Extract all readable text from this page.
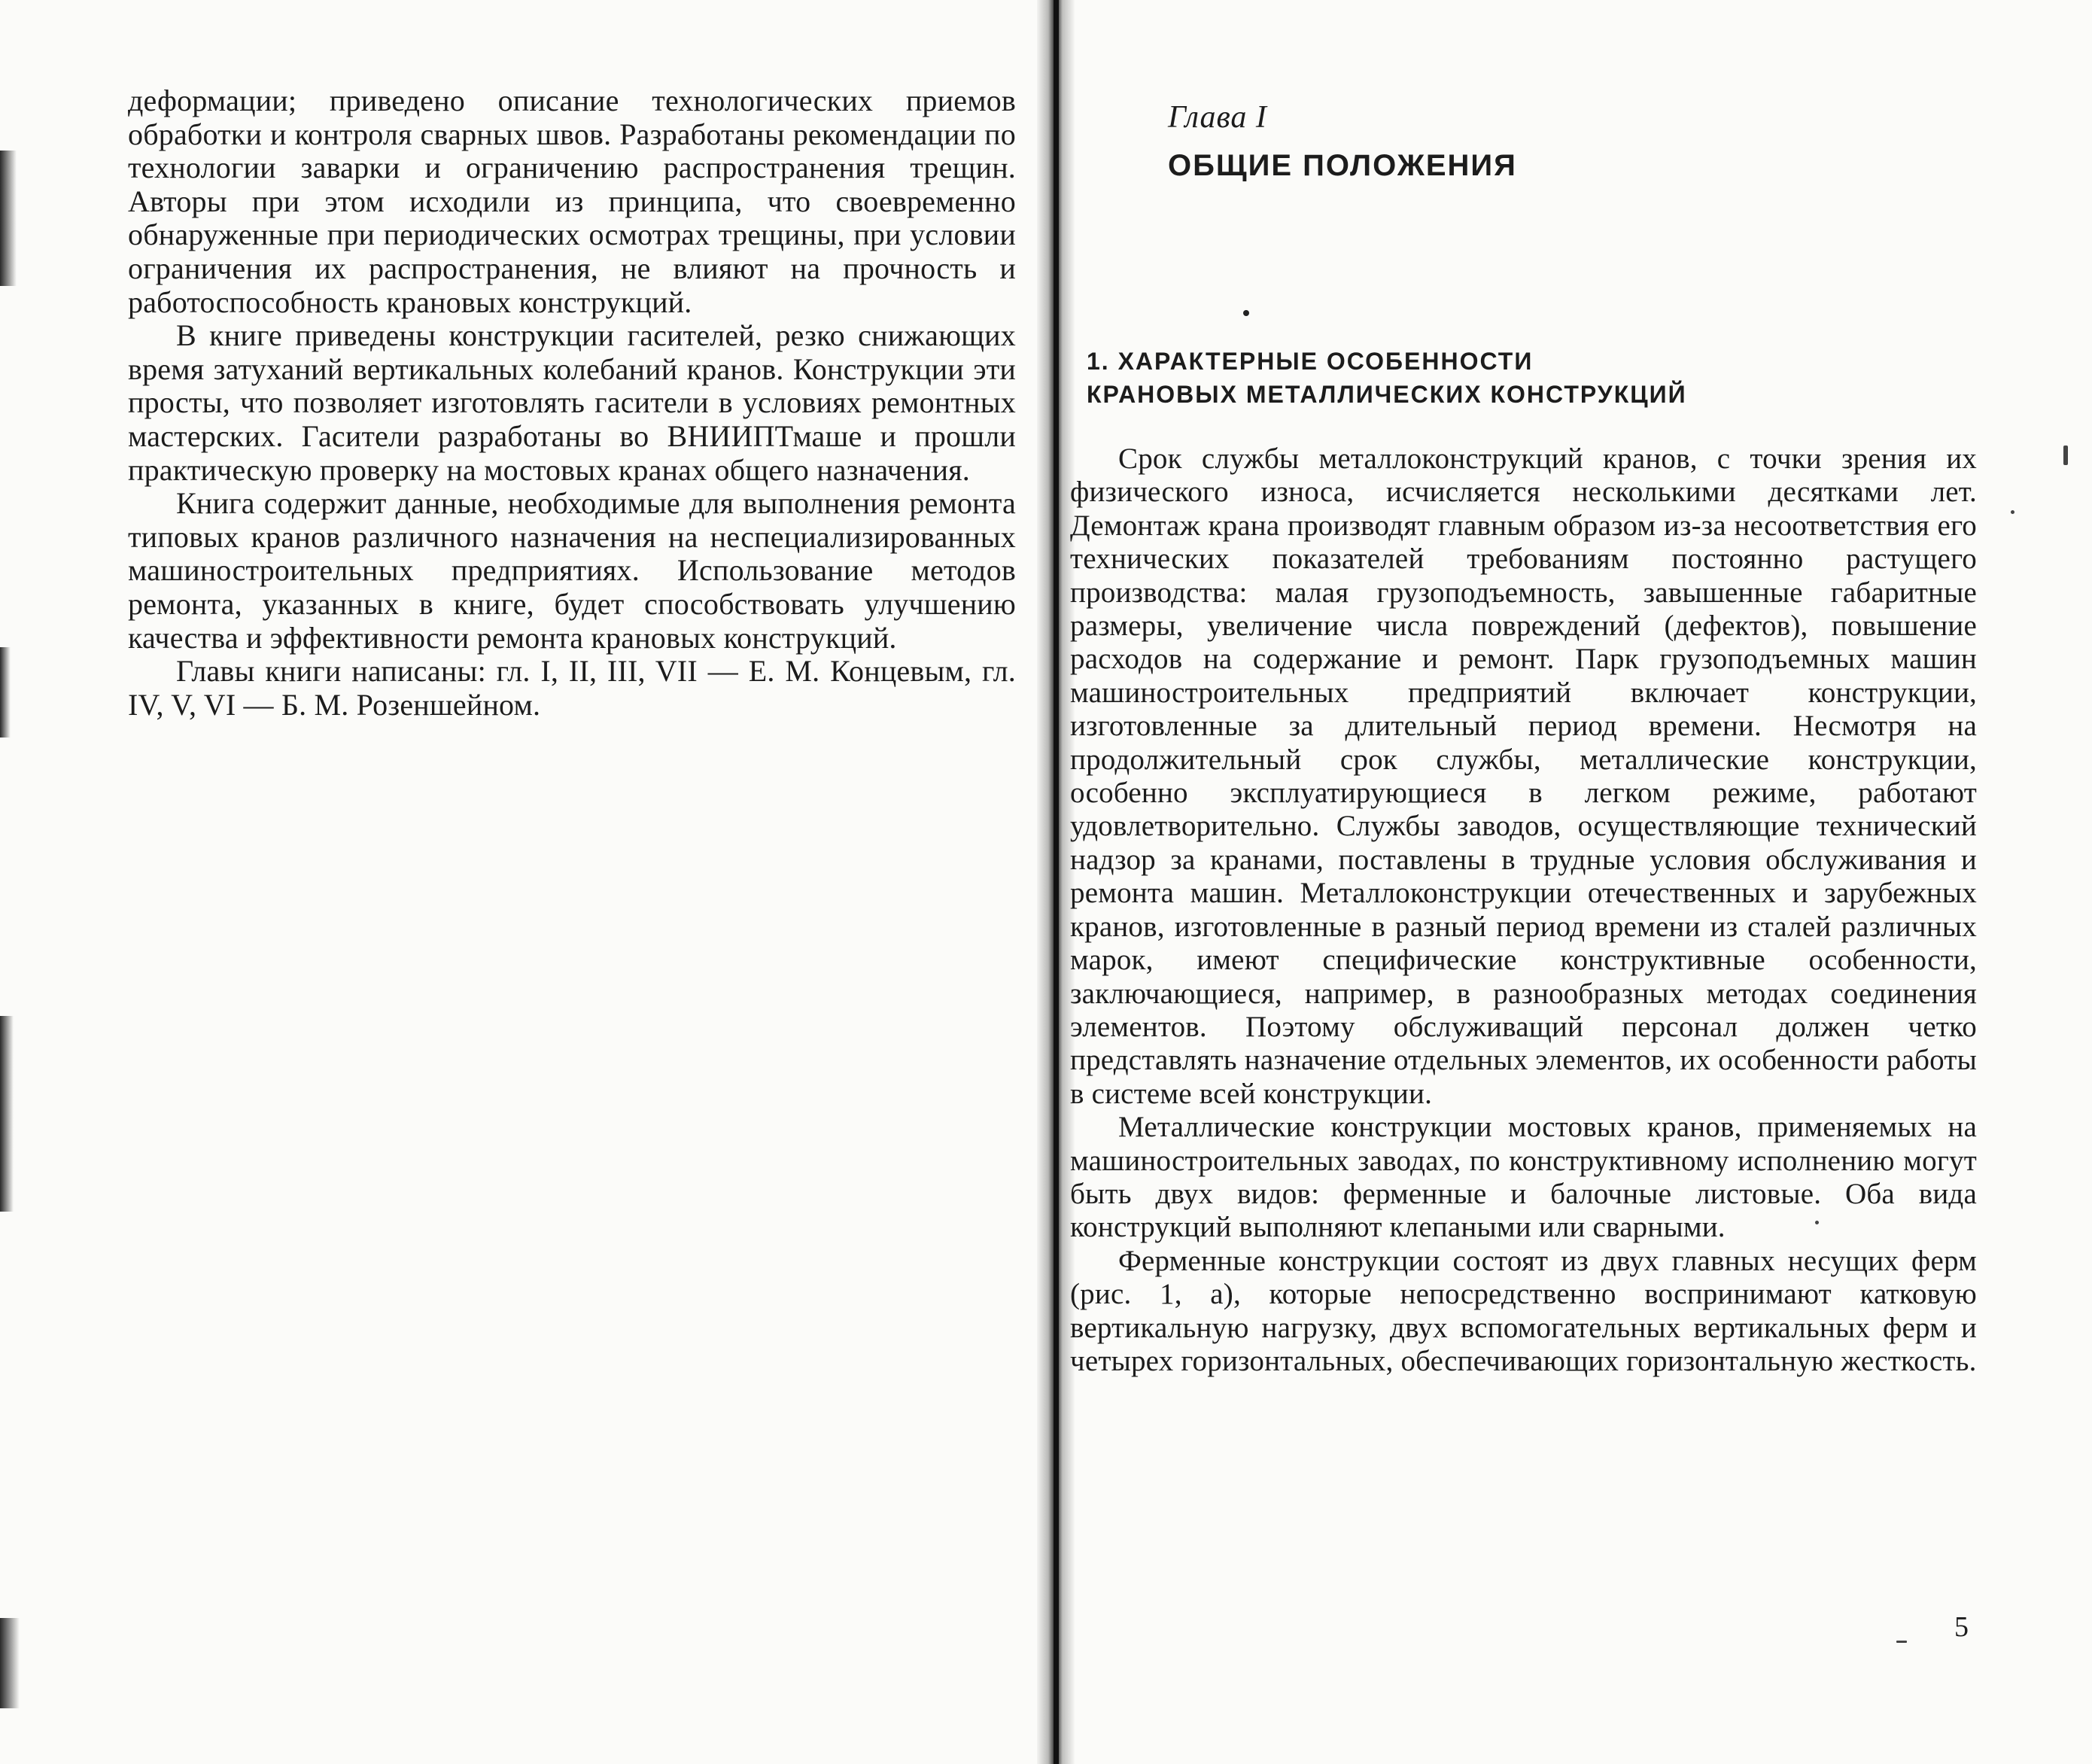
деформации; приведено описание технологических приемов обработки и контроля сварных швов. Разработаны рекомендации по технологии заварки и ограничению распространения трещин. Авторы при этом исходили из принципа, что своевременно обнаруженные при периодических осмотрах трещины, при условии ограничения их распространения, не влияют на прочность и работоспособность крановых конструкций.

В книге приведены конструкции гасителей, резко снижающих время затуханий вертикальных колебаний кранов. Конструкции эти просты, что позволяет изготовлять гасители в условиях ремонтных мастерских. Гасители разработаны во ВНИИПТмаше и прошли практическую проверку на мостовых кранах общего назначения.

Книга содержит данные, необходимые для выполнения ремонта типовых кранов различного назначения на неспециализированных машиностроительных предприятиях. Использование методов ремонта, указанных в книге, будет способствовать улучшению качества и эффективности ремонта крановых конструкций.

Главы книги написаны: гл. I, II, III, VII — Е. М. Концевым, гл. IV, V, VI — Б. М. Розеншейном.

Глава I
ОБЩИЕ ПОЛОЖЕНИЯ
1. ХАРАКТЕРНЫЕ ОСОБЕННОСТИ
КРАНОВЫХ МЕТАЛЛИЧЕСКИХ КОНСТРУКЦИЙ

Срок службы металлоконструкций кранов, с точки зрения их физического износа, исчисляется несколькими десятками лет. Демонтаж крана производят главным образом из-за несоответствия его технических показателей требованиям постоянно растущего производства: малая грузоподъемность, завышенные габаритные размеры, увеличение числа повреждений (дефектов), повышение расходов на содержание и ремонт. Парк грузоподъемных машин машиностроительных предприятий включает конструкции, изготовленные за длительный период времени. Несмотря на продолжительный срок службы, металлические конструкции, особенно эксплуатирующиеся в легком режиме, работают удовлетворительно. Службы заводов, осуществляющие технический надзор за кранами, поставлены в трудные условия обслуживания и ремонта машин. Металлоконструкции отечественных и зарубежных кранов, изготовленные в разный период времени из сталей различных марок, имеют специфические конструктивные особенности, заключающиеся, например, в разнообразных методах соединения элементов. Поэтому обслуживащий персонал должен четко представлять назначение отдельных элементов, их особенности работы в системе всей конструкции.

Металлические конструкции мостовых кранов, применяемых на машиностроительных заводах, по конструктивному исполнению могут быть двух видов: ферменные и балочные листовые. Оба вида конструкций выполняют клепаными или сварными.

Ферменные конструкции состоят из двух главных несущих ферм (рис. 1, а), которые непосредственно воспринимают катковую вертикальную нагрузку, двух вспомогательных вертикальных ферм и четырех горизонтальных, обеспечивающих горизонтальную жесткость.

5
